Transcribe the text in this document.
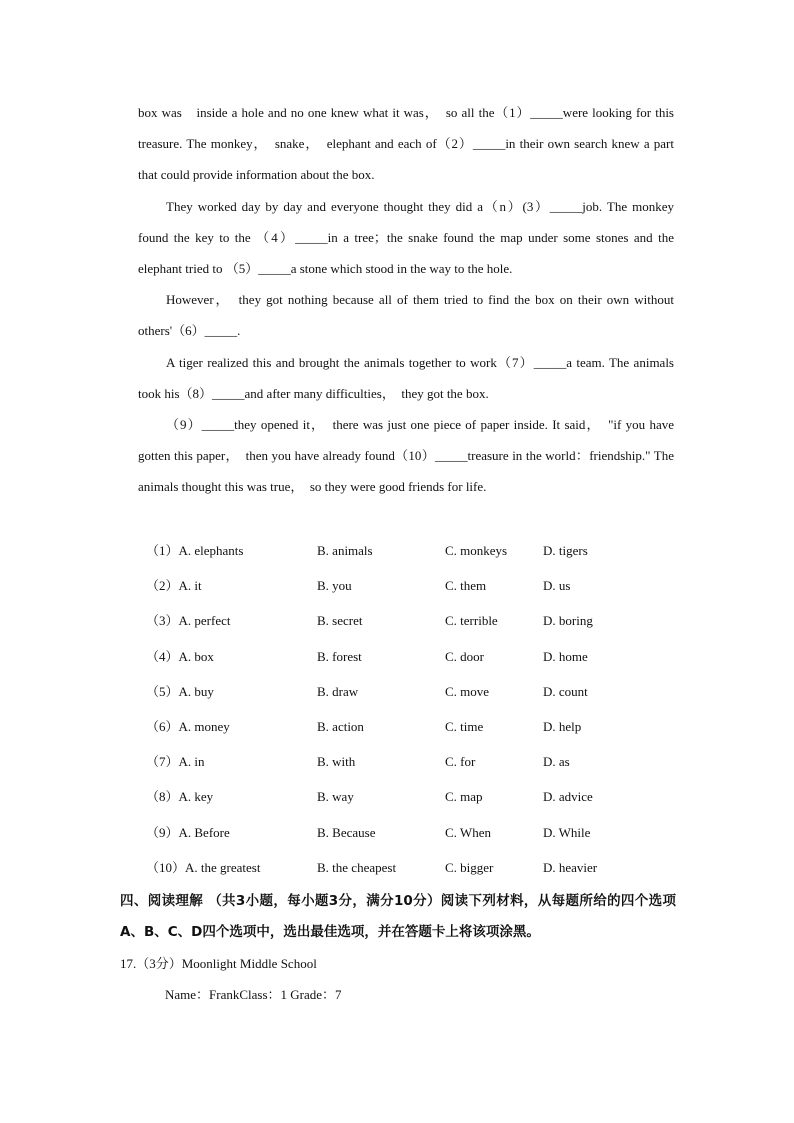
box was　inside a hole and no one knew what it was，　so all the（1）_____were looking for this treasure. The monkey，　snake，　elephant and each of（2）_____in their own search knew a part that could provide information about the box.

They worked day by day and everyone thought they did a（n）(3）_____job. The monkey found the key to the （4）_____in a tree；the snake found the map under some stones and the　elephant tried to （5）_____a stone which stood in the way to the hole.

However，　they got nothing because all of them tried to find the box on their own without others'（6）_____.

A tiger realized this and brought the animals together to work（7）_____a team. The animals took his（8）_____and after many difficulties，　they got the box.

（9）_____they opened it，　there was just one piece of paper inside. It said，　"if you have gotten this paper，　then you have already found（10）_____treasure in the world：friendship." The animals thought this was true，　so they were good friends for life.

（1）A. elephants	B. animals	C. monkeys	D. tigers
（2）A. it	B. you	C. them	D. us
（3）A. perfect	B. secret	C. terrible	D. boring
（4）A. box	B. forest	C. door	D. home
（5）A. buy	B. draw	C. move	D. count
（6）A. money	B. action	C. time	D. help
（7）A. in	B. with	C. for	D. as
（8）A. key	B. way	C. map	D. advice
（9）A. Before	B. Because	C. When	D. While
（10）A. the greatest	B. the cheapest	C. bigger	D. heavier
四、阅读理解 （共3小题，每小题3分，满分10分）阅读下列材料，从每题所给的四个选项A、B、C、D四个选项中，选出最佳选项，并在答题卡上将该项涂黑。
17.（3分）Moonlight Middle School
Name：FrankClass：1 Grade：7
